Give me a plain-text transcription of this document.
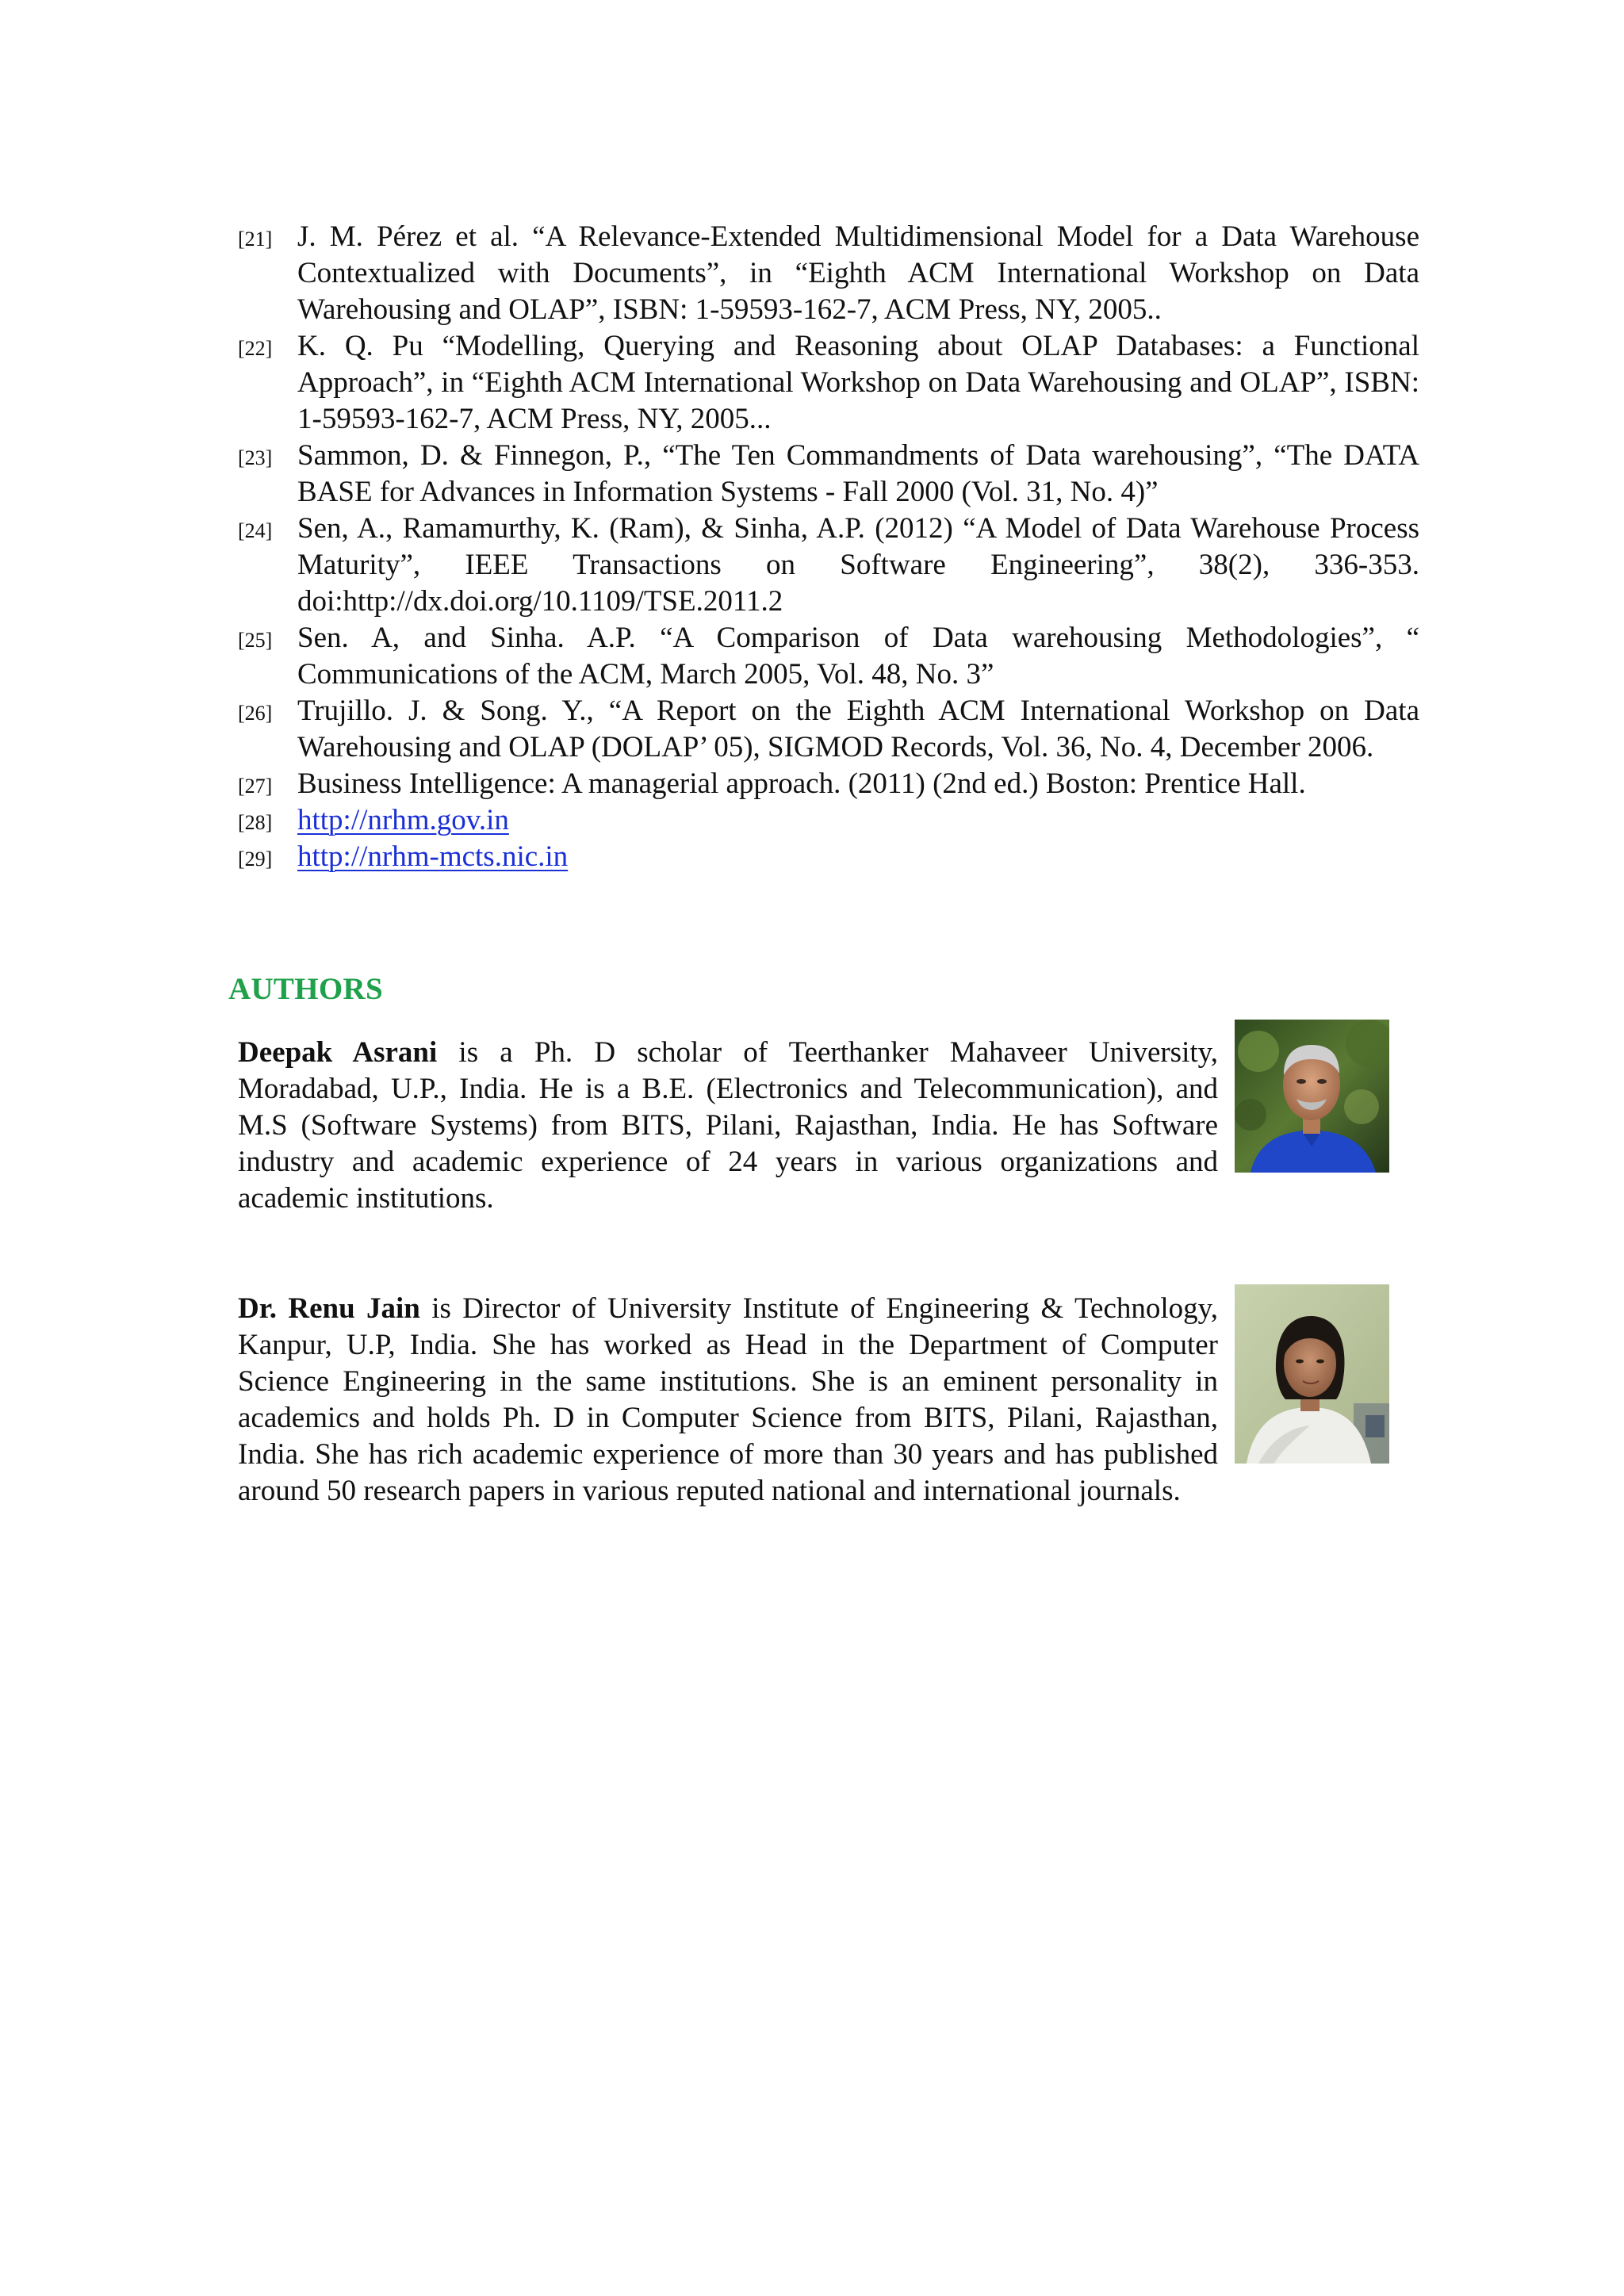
[21] J. M. Pérez et al. “A Relevance-Extended Multidimensional Model for a Data Warehouse Contextualized with Documents”, in “Eighth ACM International Workshop on Data Warehousing and OLAP”, ISBN: 1-59593-162-7, ACM Press, NY, 2005..
[22] K. Q. Pu “Modelling, Querying and Reasoning about OLAP Databases: a Functional Approach”, in “Eighth ACM International Workshop on Data Warehousing and OLAP”, ISBN: 1-59593-162-7, ACM Press, NY, 2005...
[23] Sammon, D. & Finnegon, P., “The Ten Commandments of Data warehousing”, “The DATA BASE for Advances in Information Systems - Fall 2000 (Vol. 31, No. 4)”
[24] Sen, A., Ramamurthy, K. (Ram), & Sinha, A.P. (2012) “A Model of Data Warehouse Process Maturity”, IEEE Transactions on Software Engineering”, 38(2), 336-353. doi:http://dx.doi.org/10.1109/TSE.2011.2
[25] Sen. A, and Sinha. A.P. “A Comparison of Data warehousing Methodologies”, “ Communications of the ACM, March 2005, Vol. 48, No. 3”
[26] Trujillo. J. & Song. Y., “A Report on the Eighth ACM International Workshop on Data Warehousing and OLAP (DOLAP’ 05), SIGMOD Records, Vol. 36, No. 4, December 2006.
[27] Business Intelligence: A managerial approach. (2011) (2nd ed.) Boston: Prentice Hall.
[28] http://nrhm.gov.in
[29] http://nrhm-mcts.nic.in
AUTHORS

Deepak Asrani is a Ph. D scholar of Teerthanker Mahaveer University, Moradabad, U.P., India. He is a B.E. (Electronics and Telecommunication), and M.S (Software Systems) from BITS, Pilani, Rajasthan, India. He has Software industry and academic experience of 24 years in various organizations and academic institutions.

Dr. Renu Jain is Director of University Institute of Engineering & Technology, Kanpur, U.P, India. She has worked as Head in the Department of Computer Science Engineering in the same institutions. She is an eminent personality in academics and holds Ph. D in Computer Science from BITS, Pilani, Rajasthan, India. She has rich academic experience of more than 30 years and has published around 50 research papers in various reputed national and international journals.
